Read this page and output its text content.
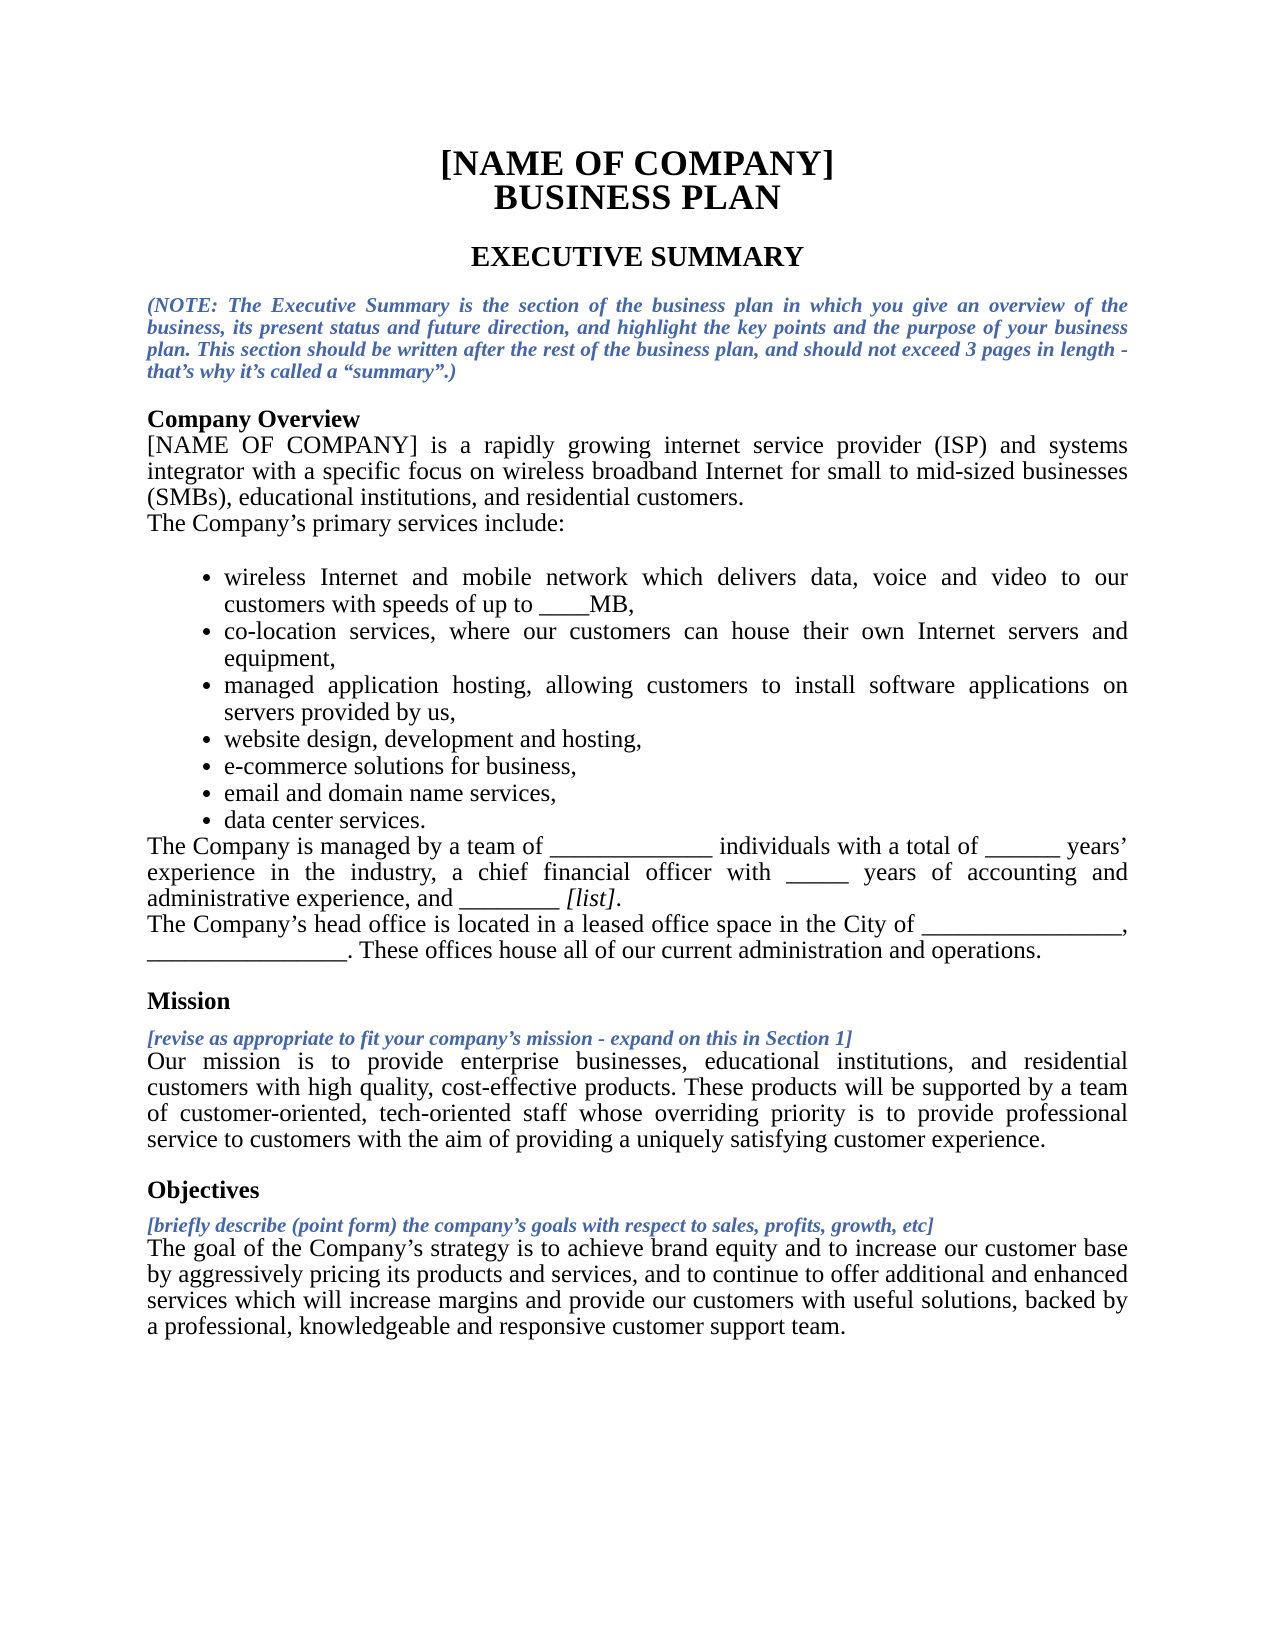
[NAME OF COMPANY]
BUSINESS PLAN
EXECUTIVE SUMMARY

(NOTE: The Executive Summary is the section of the business plan in which you give an overview of the business, its present status and future direction, and highlight the key points and the purpose of your business plan. This section should be written after the rest of the business plan, and should not exceed 3 pages in length - that’s why it’s called a “summary”.)

Company Overview

[NAME OF COMPANY] is a rapidly growing internet service provider (ISP) and systems integrator with a specific focus on wireless broadband Internet for small to mid-sized businesses (SMBs), educational institutions, and residential customers.

The Company’s primary services include:

• wireless Internet and mobile network which delivers data, voice and video to our customers with speeds of up to ____MB,
• co-location services, where our customers can house their own Internet servers and equipment,
• managed application hosting, allowing customers to install software applications on servers provided by us,
• website design, development and hosting,
• e-commerce solutions for business,
• email and domain name services,
• data center services.

The Company is managed by a team of _____________ individuals with a total of ______ years’ experience in the industry, a chief financial officer with _____ years of accounting and administrative experience, and ________ [list].

The Company’s head office is located in a leased office space in the City of ________________, ________________. These offices house all of our current administration and operations.

Mission

[revise as appropriate to fit your company’s mission - expand on this in Section 1]

Our mission is to provide enterprise businesses, educational institutions, and residential customers with high quality, cost-effective products. These products will be supported by a team of customer-oriented, tech-oriented staff whose overriding priority is to provide professional service to customers with the aim of providing a uniquely satisfying customer experience.

Objectives

[briefly describe (point form) the company’s goals with respect to sales, profits, growth, etc]

The goal of the Company’s strategy is to achieve brand equity and to increase our customer base by aggressively pricing its products and services, and to continue to offer additional and enhanced services which will increase margins and provide our customers with useful solutions, backed by a professional, knowledgeable and responsive customer support team.
